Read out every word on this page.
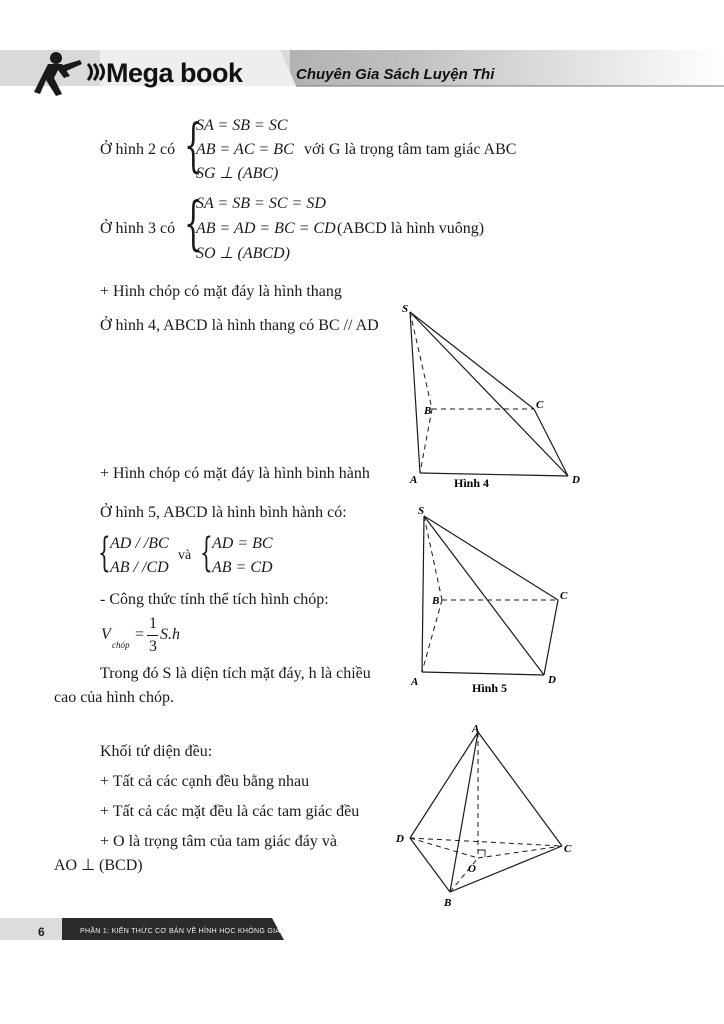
Mega book	Chuyên Gia Sách Luyện Thi
Ở hình 2 có {
SA = SB = SC
AB = AC = BC với G là trọng tâm tam giác ABC
SG ⊥ (ABC)
Ở hình 3 có {
SA = SB = SC = SD
AB = AD = BC = CD (ABCD là hình vuông)
SO ⊥ (ABCD)
+ Hình chóp có mặt đáy là hình thang
Ở hình 4, ABCD là hình thang có BC // AD
+ Hình chóp có mặt đáy là hình bình hành
Ở hình 5, ABCD là hình bình hành có:
{ AD / /BC
AB / /CD
và { AD = BC
AB = CD
- Công thức tính thể tích hình chóp:
V
chóp
=
1
3
S.h
Trong đó S là diện tích mặt đáy, h là chiều
cao của hình chóp.
Khối tứ diện đều:
+ Tất cả các cạnh đều bằng nhau
+ Tất cả các mặt đều là các tam giác đều
+ O là trọng tâm của tam giác đáy và
AO ⊥ (BCD)
S
B	C
A	D
Hình 4
S
B	C
A	D
Hình 5
A
D
C
O
B
6	PHẦN 1: KIẾN THỨC CƠ BẢN VỀ HÌNH HỌC KHÔNG GIAN
